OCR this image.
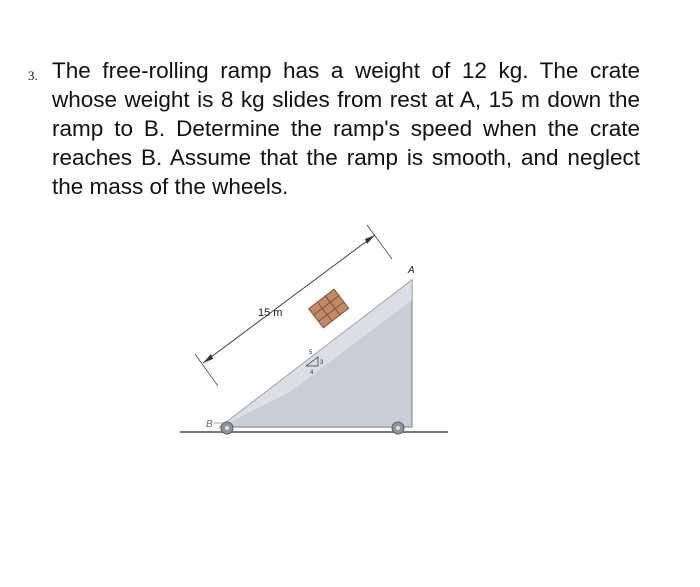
3. The free-rolling ramp has a weight of 12 kg. The crate whose weight is 8 kg slides from rest at A, 15 m down the ramp to B. Determine the ramp's speed when the crate reaches B. Assume that the ramp is smooth, and neglect the mass of the wheels.
15 m
5
3
4
A
B
